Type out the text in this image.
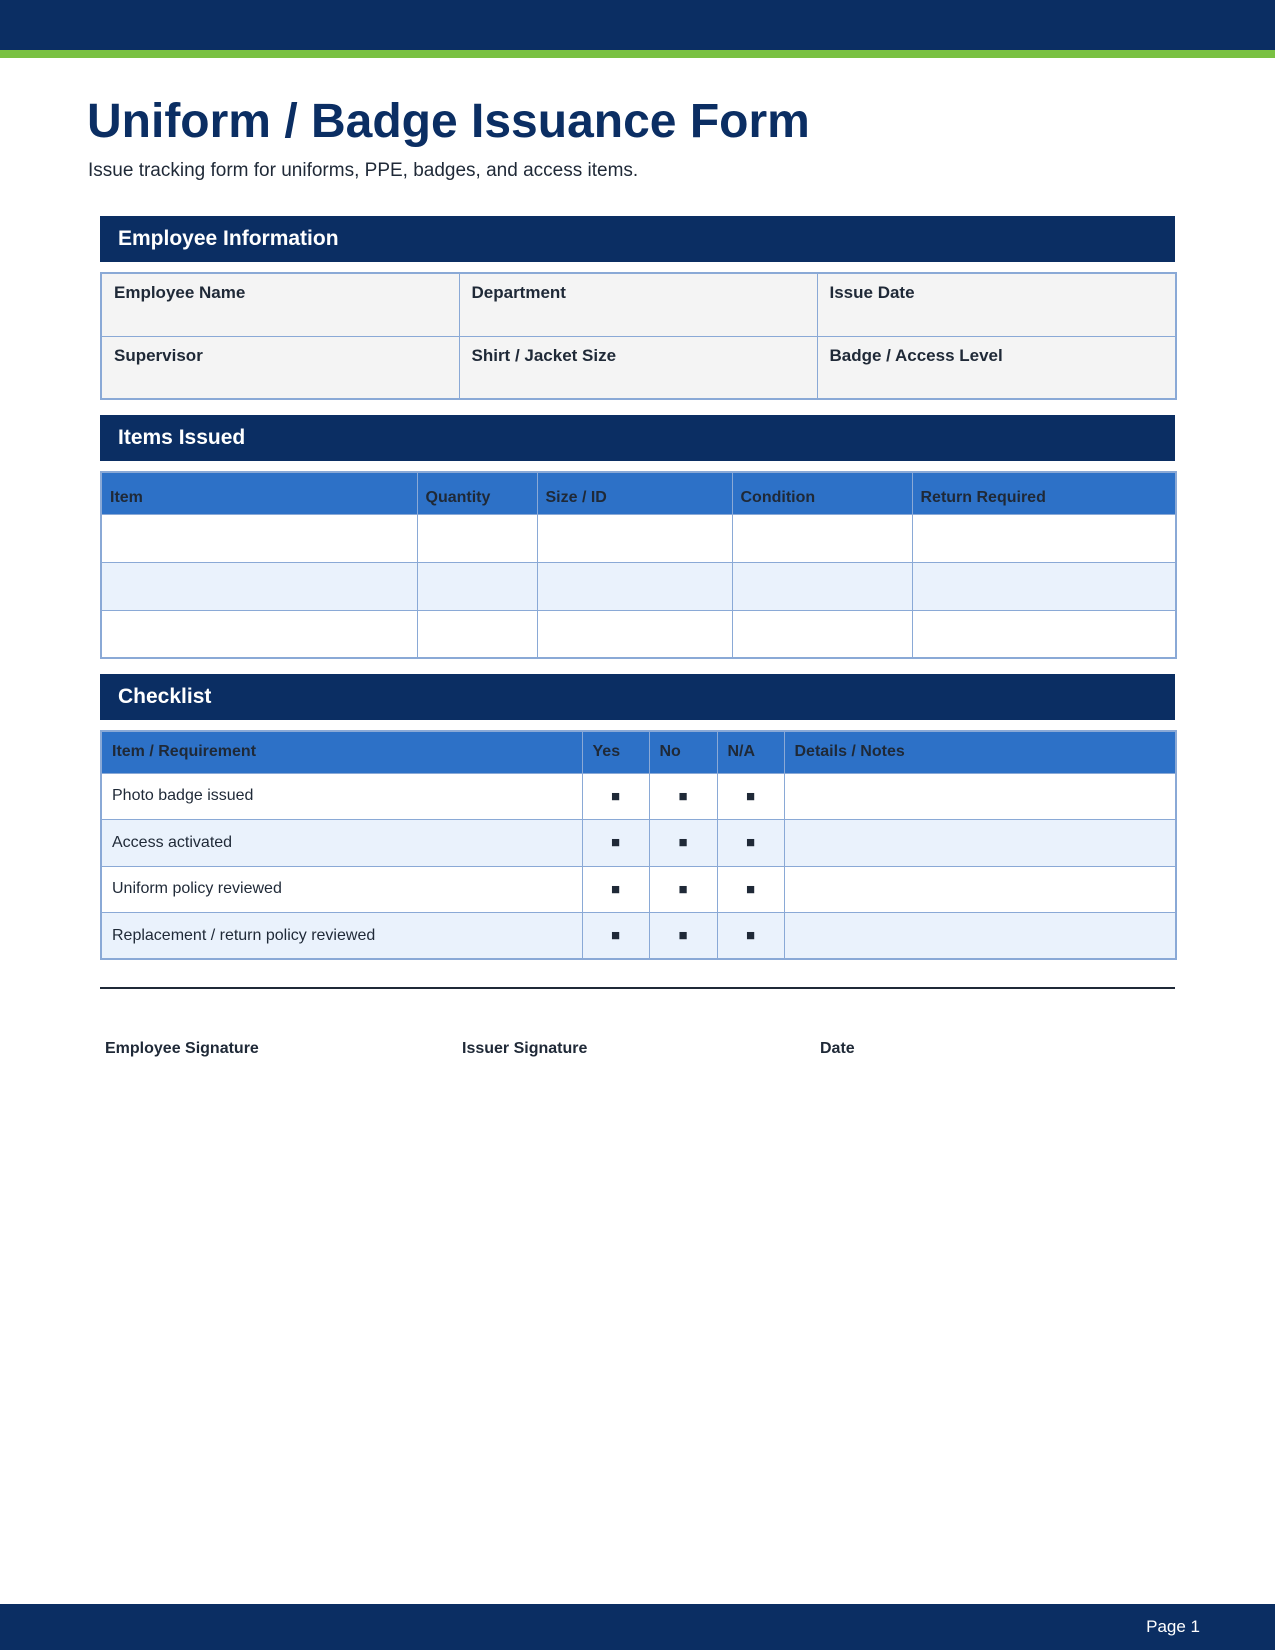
Uniform / Badge Issuance Form

Issue tracking form for uniforms, PPE, badges, and access items.

Employee Information
Employee Name	Department	Issue Date
Supervisor	Shirt / Jacket Size	Badge / Access Level
Items Issued
Item	Quantity	Size / ID	Condition	Return Required

Checklist
Item / Requirement	Yes	No	N/A	Details / Notes
Photo badge issued	■	■	■	
Access activated	■	■	■	
Uniform policy reviewed	■	■	■	
Replacement / return policy reviewed	■	■	■	
Employee Signature	Issuer Signature	Date
Page 1
